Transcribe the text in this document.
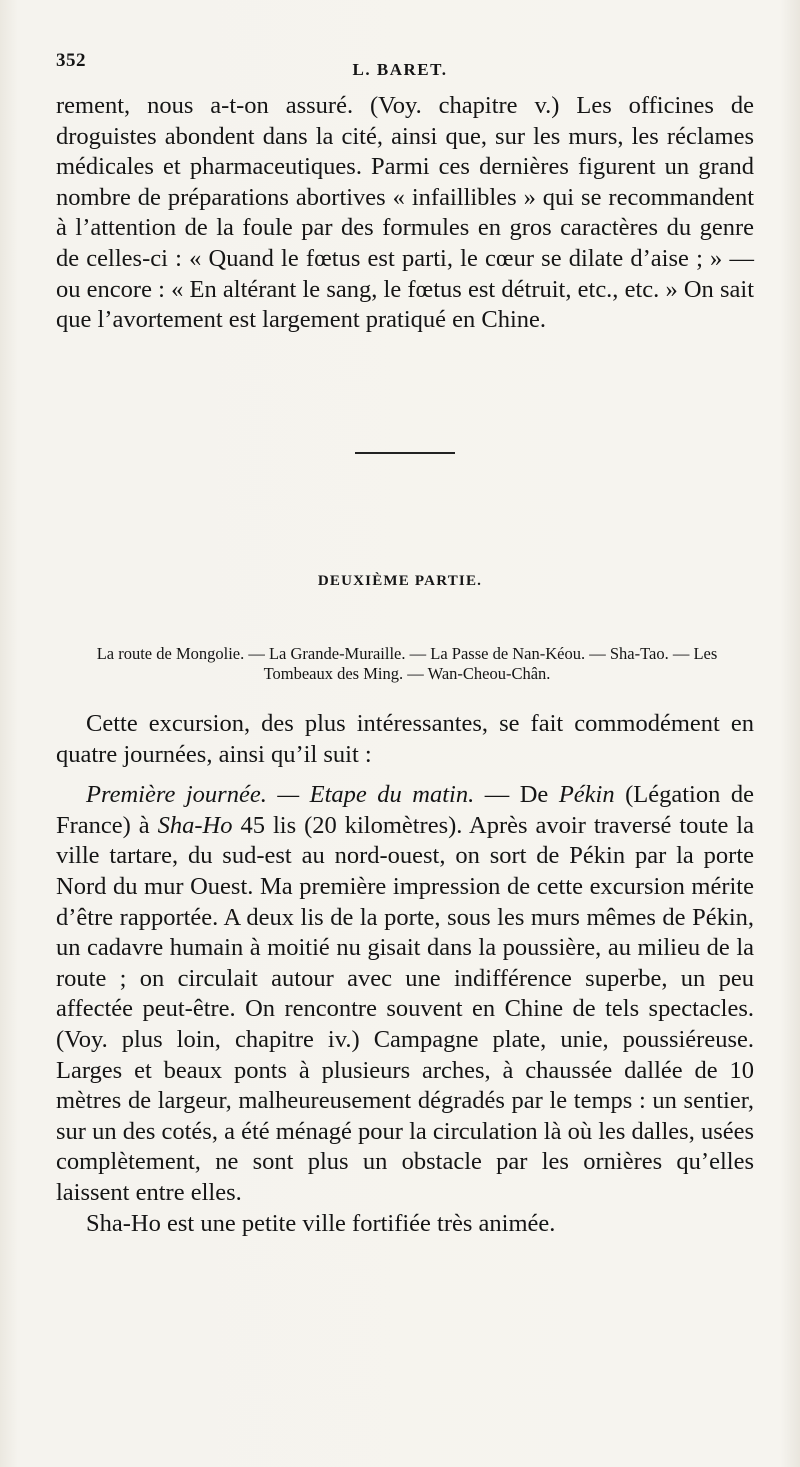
352	L. BARET.

rement, nous a-t-on assuré. (Voy. chapitre v.) Les officines de droguistes abondent dans la cité, ainsi que, sur les murs, les réclames médicales et pharmaceutiques. Parmi ces dernières figurent un grand nombre de préparations abortives « infaillibles » qui se recommandent à l’attention de la foule par des formules en gros caractères du genre de celles-ci : « Quand le fœtus est parti, le cœur se dilate d’aise ; » — ou encore : « En altérant le sang, le fœtus est détruit, etc., etc. » On sait que l’avortement est largement pratiqué en Chine.

DEUXIÈME PARTIE.

La route de Mongolie. — La Grande-Muraille. — La Passe de Nan-Kéou. — Sha-Tao. — Les Tombeaux des Ming. — Wan-Cheou-Chân.

Cette excursion, des plus intéressantes, se fait commodément en quatre journées, ainsi qu’il suit :

Première journée. — Etape du matin. — De Pékin (Légation de France) à Sha-Ho 45 lis (20 kilomètres). Après avoir traversé toute la ville tartare, du sud-est au nord-ouest, on sort de Pékin par la porte Nord du mur Ouest. Ma première impression de cette excursion mérite d’être rapportée. A deux lis de la porte, sous les murs mêmes de Pékin, un cadavre humain à moitié nu gisait dans la poussière, au milieu de la route ; on circulait autour avec une indifférence superbe, un peu affectée peut-être. On rencontre souvent en Chine de tels spectacles. (Voy. plus loin, chapitre iv.) Campagne plate, unie, poussiéreuse. Larges et beaux ponts à plusieurs arches, à chaussée dallée de 10 mètres de largeur, malheureusement dégradés par le temps : un sentier, sur un des cotés, a été ménagé pour la circulation là où les dalles, usées complètement, ne sont plus un obstacle par les ornières qu’elles laissent entre elles.

Sha-Ho est une petite ville fortifiée très animée.
